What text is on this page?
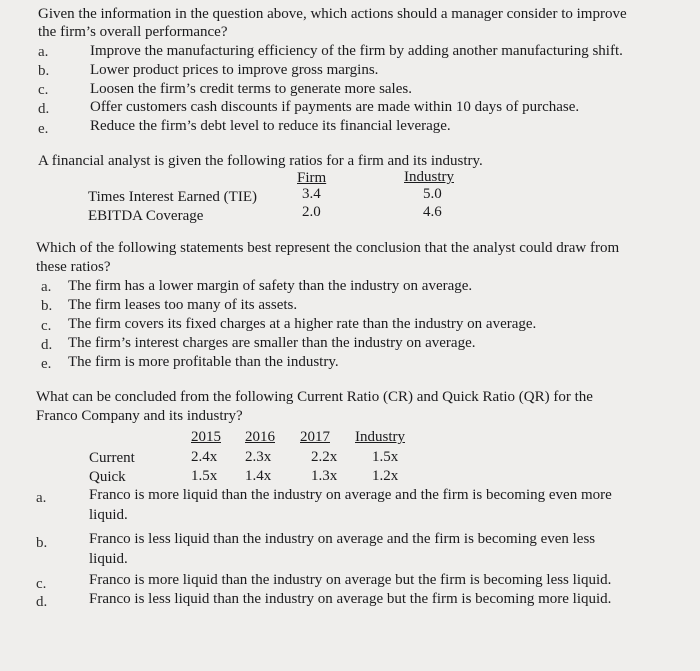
Given the information in the question above, which actions should a manager consider to improve
the firm’s overall performance?
a.	Improve the manufacturing efficiency of the firm by adding another manufacturing shift.
b.	Lower product prices to improve gross margins.
c.	Loosen the firm’s credit terms to generate more sales.
d.	Offer customers cash discounts if payments are made within 10 days of purchase.
e.	Reduce the firm’s debt level to reduce its financial leverage.
A financial analyst is given the following ratios for a firm and its industry.
Firm	Industry
Times Interest Earned (TIE)	3.4	5.0
EBITDA Coverage	2.0	4.6
Which of the following statements best represent the conclusion that the analyst could draw from
these ratios?
a. The firm has a lower margin of safety than the industry on average.
b. The firm leases too many of its assets.
c. The firm covers its fixed charges at a higher rate than the industry on average.
d. The firm’s interest charges are smaller than the industry on average.
e. The firm is more profitable than the industry.
What can be concluded from the following Current Ratio (CR) and Quick Ratio (QR) for the
Franco Company and its industry?
2015 2016 2017 Industry
Current	2.4x 2.3x	2.2x 1.5x
Quick	1.5x 1.4x	1.3x 1.2x
a.	Franco is more liquid than the industry on average and the firm is becoming even more
liquid.
b.	Franco is less liquid than the industry on average and the firm is becoming even less
liquid.
c.	Franco is more liquid than the industry on average but the firm is becoming less liquid.
d.	Franco is less liquid than the industry on average but the firm is becoming more liquid.
